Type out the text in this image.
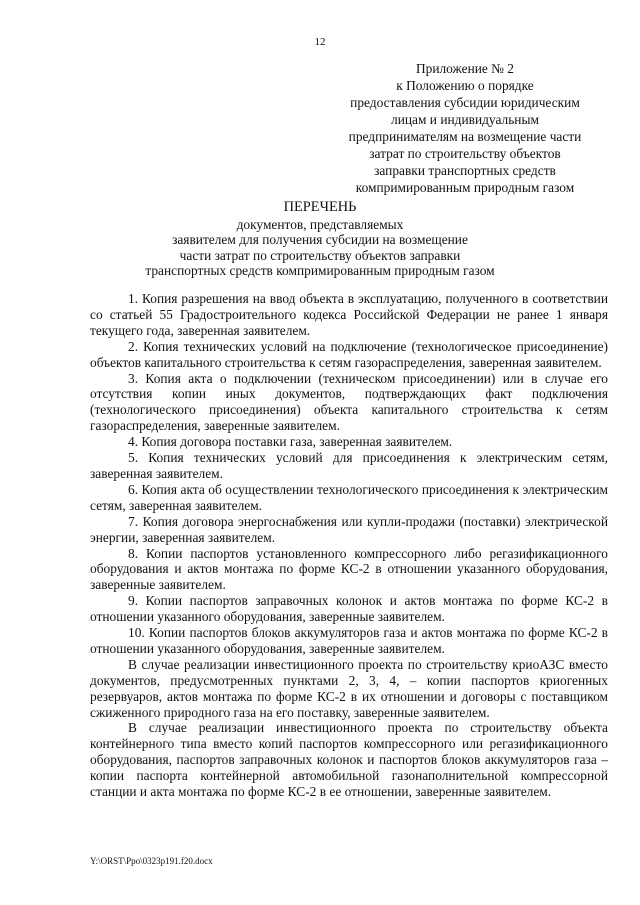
12
Приложение № 2
к Положению о порядке
предоставления субсидии юридическим
лицам и индивидуальным
предпринимателям на возмещение части
затрат по строительству объектов
заправки транспортных средств
компримированным природным газом
ПЕРЕЧЕНЬ
документов, представляемых
заявителем для получения субсидии на возмещение
части затрат по строительству объектов заправки
транспортных средств компримированным природным газом

1. Копия разрешения на ввод объекта в эксплуатацию, полученного в соответствии со статьей 55 Градостроительного кодекса Российской Федерации не ранее 1 января текущего года, заверенная заявителем.

2. Копия технических условий на подключение (технологическое присоединение) объектов капитального строительства к сетям газораспределения, заверенная заявителем.

3. Копия акта о подключении (техническом присоединении) или в случае его отсутствия копии иных документов, подтверждающих факт подключения (технологического присоединения) объекта капитального строительства к сетям газораспределения, заверенные заявителем.

4. Копия договора поставки газа, заверенная заявителем.

5. Копия технических условий для присоединения к электрическим сетям, заверенная заявителем.

6. Копия акта об осуществлении технологического присоединения к электрическим сетям, заверенная заявителем.

7. Копия договора энергоснабжения или купли-продажи (поставки) электрической энергии, заверенная заявителем.

8. Копии паспортов установленного компрессорного либо регазификационного оборудования и актов монтажа по форме КС-2 в отношении указанного оборудования, заверенные заявителем.

9. Копии паспортов заправочных колонок и актов монтажа по форме КС-2 в отношении указанного оборудования, заверенные заявителем.

10. Копии паспортов блоков аккумуляторов газа и актов монтажа по форме КС-2 в отношении указанного оборудования, заверенные заявителем.

В случае реализации инвестиционного проекта по строительству криоАЗС вместо документов, предусмотренных пунктами 2, 3, 4, – копии паспортов криогенных резервуаров, актов монтажа по форме КС-2 в их отношении и договоры с поставщиком сжиженного природного газа на его поставку, заверенные заявителем.

В случае реализации инвестиционного проекта по строительству объекта контейнерного типа вместо копий паспортов компрессорного или регазификационного оборудования, паспортов заправочных колонок и паспортов блоков аккумуляторов газа – копии паспорта контейнерной автомобильной газонаполнительной компрессорной станции и акта монтажа по форме КС-2 в ее отношении, заверенные заявителем.

Y:\ORST\Ppo\0323p191.f20.docx
